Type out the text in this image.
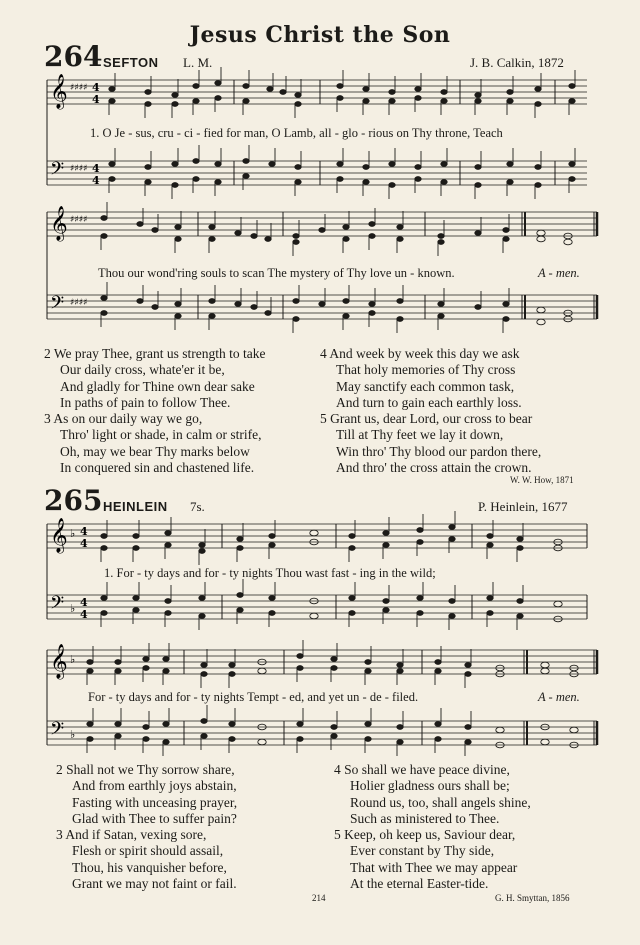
Jesus Christ the Son
264 SEFTON L. M.	J. B. Calkin, 1872
𝄞
𝄢
♯♯♯♯
♯♯♯♯
4
4
4
4
1. O Je - sus, cru - ci - fied for man, O Lamb, all - glo - rious on Thy throne, Teach
𝄞
𝄢
♯♯♯♯
♯♯♯♯
Thou our wond'ring souls to scan The mystery of Thy love un - known.	A - men.

2 We pray Thee, grant us strength to take

Our daily cross, whate'er it be,

And gladly for Thine own dear sake

In paths of pain to follow Thee.

3 As on our daily way we go,

Thro' light or shade, in calm or strife,

Oh, may we bear Thy marks below

In conquered sin and chastened life.

4 And week by week this day we ask

That holy memories of Thy cross

May sanctify each common task,

And turn to gain each earthly loss.

5 Grant us, dear Lord, our cross to bear

Till at Thy feet we lay it down,

Win thro' Thy blood our pardon there,

And thro' the cross attain the crown.

W. W. How, 1871
265 HEINLEIN 7s.	P. Heinlein, 1677
𝄞
𝄢
♭
♭
4
4
4
4
1. For - ty days and for - ty nights Thou wast fast - ing in the wild;
𝄞
𝄢
♭
♭
For - ty days and for - ty nights Tempt - ed, and yet un - de - filed.	A - men.

2 Shall not we Thy sorrow share,

And from earthly joys abstain,

Fasting with unceasing prayer,

Glad with Thee to suffer pain?

3 And if Satan, vexing sore,

Flesh or spirit should assail,

Thou, his vanquisher before,

Grant we may not faint or fail.

4 So shall we have peace divine,

Holier gladness ours shall be;

Round us, too, shall angels shine,

Such as ministered to Thee.

5 Keep, oh keep us, Saviour dear,

Ever constant by Thy side,

That with Thee we may appear

At the eternal Easter-tide.

214	G. H. Smyttan, 1856
